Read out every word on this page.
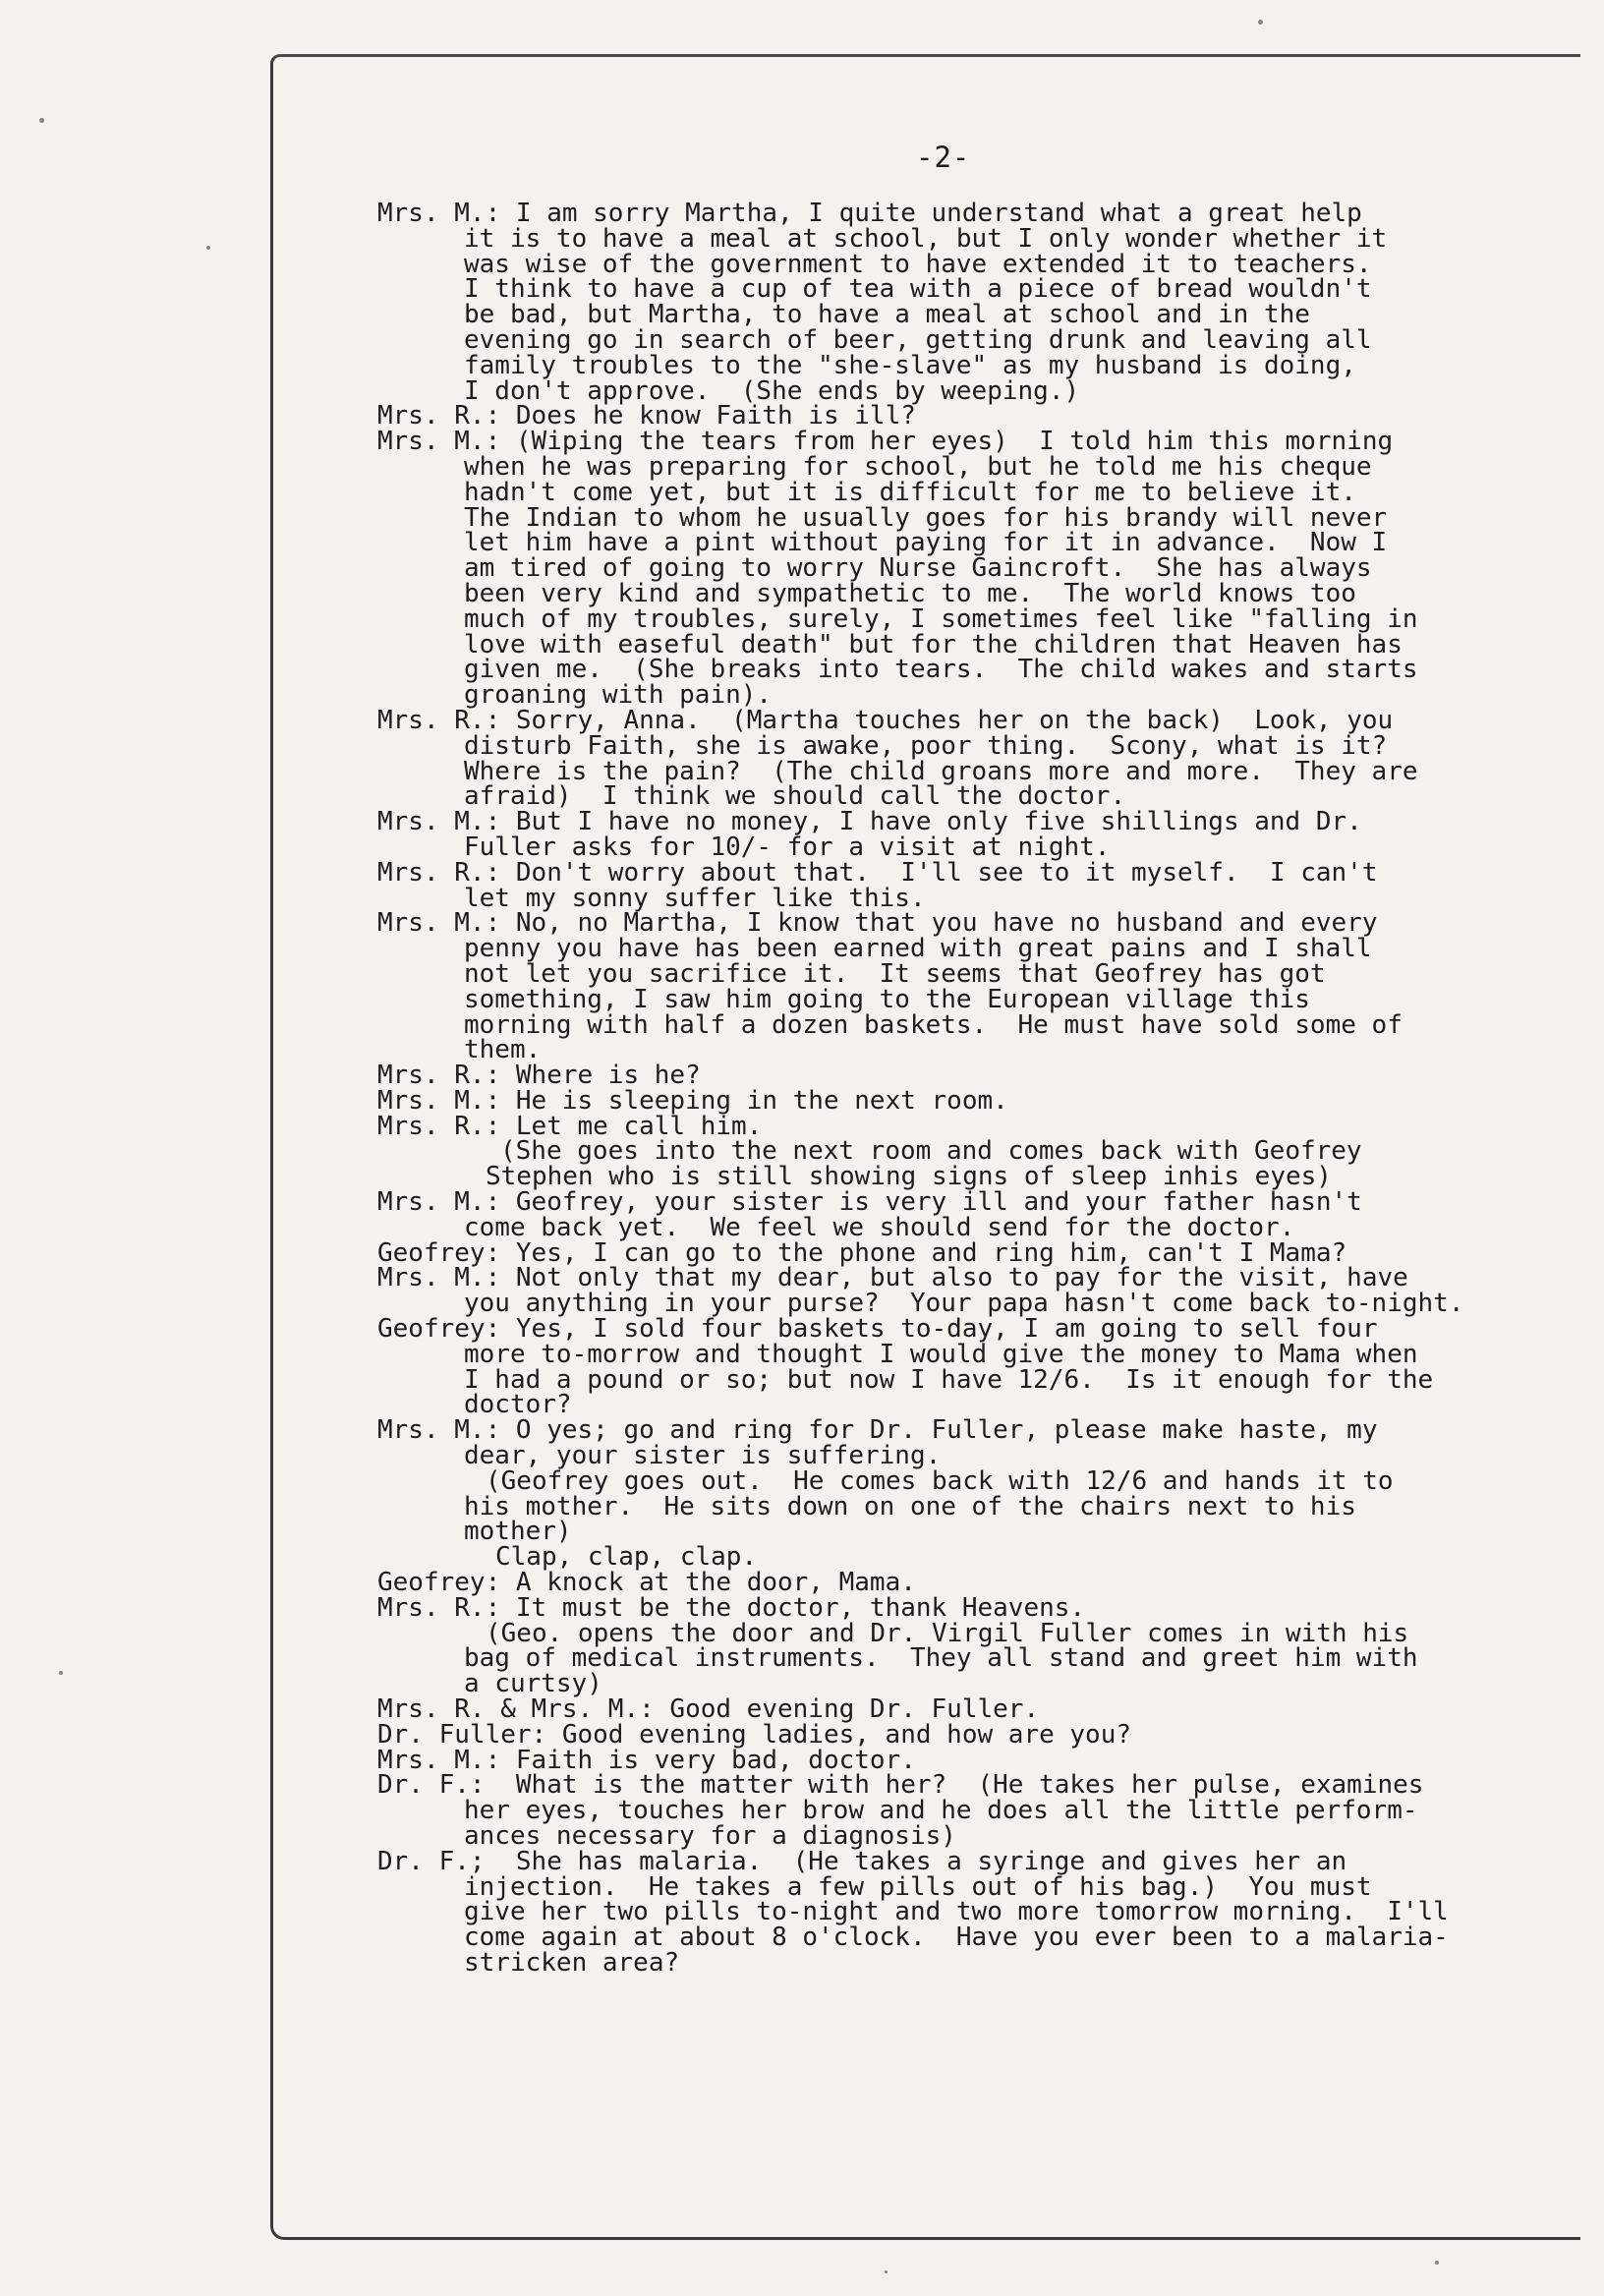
-2-
Mrs. M.: I am sorry Martha, I quite understand what a great help
it is to have a meal at school, but I only wonder whether it
was wise of the government to have extended it to teachers.
I think to have a cup of tea with a piece of bread wouldn't
be bad, but Martha, to have a meal at school and in the
evening go in search of beer, getting drunk and leaving all
family troubles to the "she-slave" as my husband is doing,
I don't approve.  (She ends by weeping.)
Mrs. R.: Does he know Faith is ill?
Mrs. M.: (Wiping the tears from her eyes)  I told him this morning
when he was preparing for school, but he told me his cheque
hadn't come yet, but it is difficult for me to believe it.
The Indian to whom he usually goes for his brandy will never
let him have a pint without paying for it in advance.  Now I
am tired of going to worry Nurse Gaincroft.  She has always
been very kind and sympathetic to me.  The world knows too
much of my troubles, surely, I sometimes feel like "falling in
love with easeful death" but for the children that Heaven has
given me.  (She breaks into tears.  The child wakes and starts
groaning with pain).
Mrs. R.: Sorry, Anna.  (Martha touches her on the back)  Look, you
disturb Faith, she is awake, poor thing.  Scony, what is it?
Where is the pain?  (The child groans more and more.  They are
afraid)  I think we should call the doctor.
Mrs. M.: But I have no money, I have only five shillings and Dr.
Fuller asks for 10/- for a visit at night.
Mrs. R.: Don't worry about that.  I'll see to it myself.  I can't
let my sonny suffer like this.
Mrs. M.: No, no Martha, I know that you have no husband and every
penny you have has been earned with great pains and I shall
not let you sacrifice it.  It seems that Geofrey has got
something, I saw him going to the European village this
morning with half a dozen baskets.  He must have sold some of
them.
Mrs. R.: Where is he?
Mrs. M.: He is sleeping in the next room.
Mrs. R.: Let me call him.
(She goes into the next room and comes back with Geofrey
Stephen who is still showing signs of sleep inhis eyes)
Mrs. M.: Geofrey, your sister is very ill and your father hasn't
come back yet.  We feel we should send for the doctor.
Geofrey: Yes, I can go to the phone and ring him, can't I Mama?
Mrs. M.: Not only that my dear, but also to pay for the visit, have
you anything in your purse?  Your papa hasn't come back to-night.
Geofrey: Yes, I sold four baskets to-day, I am going to sell four
more to-morrow and thought I would give the money to Mama when
I had a pound or so; but now I have 12/6.  Is it enough for the
doctor?
Mrs. M.: O yes; go and ring for Dr. Fuller, please make haste, my
dear, your sister is suffering.
(Geofrey goes out.  He comes back with 12/6 and hands it to
his mother.  He sits down on one of the chairs next to his
mother)
Clap, clap, clap.
Geofrey: A knock at the door, Mama.
Mrs. R.: It must be the doctor, thank Heavens.
(Geo. opens the door and Dr. Virgil Fuller comes in with his
bag of medical instruments.  They all stand and greet him with
a curtsy)
Mrs. R. & Mrs. M.: Good evening Dr. Fuller.
Dr. Fuller: Good evening ladies, and how are you?
Mrs. M.: Faith is very bad, doctor.
Dr. F.:  What is the matter with her?  (He takes her pulse, examines
her eyes, touches her brow and he does all the little perform-
ances necessary for a diagnosis)
Dr. F.;  She has malaria.  (He takes a syringe and gives her an
injection.  He takes a few pills out of his bag.)  You must
give her two pills to-night and two more tomorrow morning.  I'll
come again at about 8 o'clock.  Have you ever been to a malaria-
stricken area?
